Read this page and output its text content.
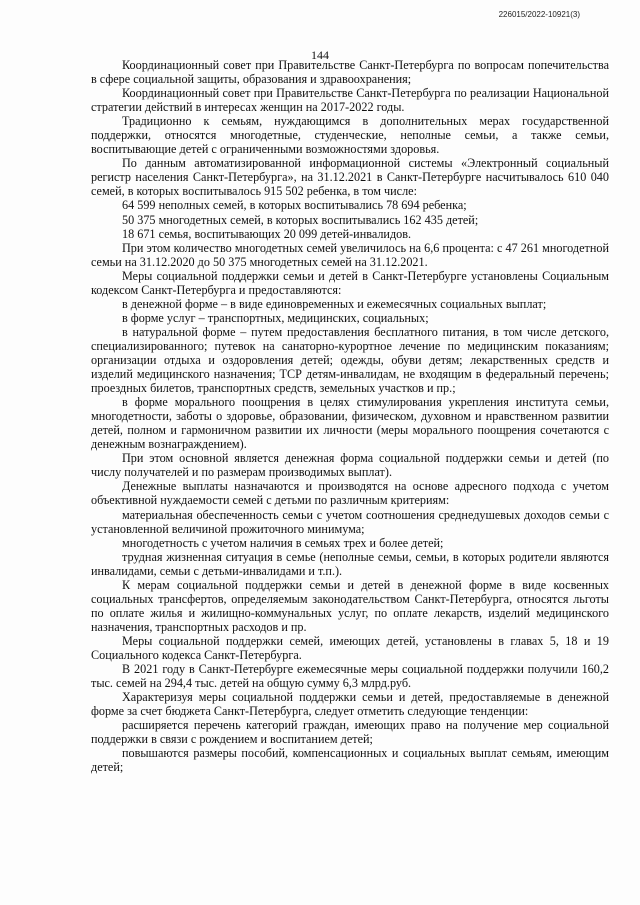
226015/2022-10921(3)
144

Координационный совет при Правительстве Санкт-Петербурга по вопросам попечительства в сфере социальной защиты, образования и здравоохранения;

Координационный совет при Правительстве Санкт-Петербурга по реализации Национальной стратегии действий в интересах женщин на 2017-2022 годы.

Традиционно к семьям, нуждающимся в дополнительных мерах государственной поддержки, относятся многодетные, студенческие, неполные семьи, а также семьи, воспитывающие детей с ограниченными возможностями здоровья.

По данным автоматизированной информационной системы «Электронный социальный регистр населения Санкт-Петербурга», на 31.12.2021 в Санкт-Петербурге насчитывалось 610 040 семей, в которых воспитывалось 915 502 ребенка, в том числе:

64 599 неполных семей, в которых воспитывались 78 694 ребенка;

50 375 многодетных семей, в которых воспитывались 162 435 детей;

18 671 семья, воспитывающих 20 099 детей-инвалидов.

При этом количество многодетных семей увеличилось на 6,6 процента: с 47 261 многодетной семьи на 31.12.2020 до 50 375 многодетных семей на 31.12.2021.

Меры социальной поддержки семьи и детей в Санкт-Петербурге установлены Социальным кодексом Санкт-Петербурга и предоставляются:

в денежной форме – в виде единовременных и ежемесячных социальных выплат;

в форме услуг – транспортных, медицинских, социальных;

в натуральной форме – путем предоставления бесплатного питания, в том числе детского, специализированного; путевок на санаторно-курортное лечение по медицинским показаниям; организации отдыха и оздоровления детей; одежды, обуви детям; лекарственных средств и изделий медицинского назначения; ТСР детям-инвалидам, не входящим в федеральный перечень; проездных билетов, транспортных средств, земельных участков и пр.;

в форме морального поощрения в целях стимулирования укрепления института семьи, многодетности, заботы о здоровье, образовании, физическом, духовном и нравственном развитии детей, полном и гармоничном развитии их личности (меры морального поощрения сочетаются с денежным вознаграждением).

При этом основной является денежная форма социальной поддержки семьи и детей (по числу получателей и по размерам производимых выплат).

Денежные выплаты назначаются и производятся на основе адресного подхода с учетом объективной нуждаемости семей с детьми по различным критериям:

материальная обеспеченность семьи с учетом соотношения среднедушевых доходов семьи с установленной величиной прожиточного минимума;

многодетность с учетом наличия в семьях трех и более детей;

трудная жизненная ситуация в семье (неполные семьи, семьи, в которых родители являются инвалидами, семьи с детьми-инвалидами и т.п.).

К мерам социальной поддержки семьи и детей в денежной форме в виде косвенных социальных трансфертов, определяемым законодательством Санкт-Петербурга, относятся льготы по оплате жилья и жилищно-коммунальных услуг, по оплате лекарств, изделий медицинского назначения, транспортных расходов и пр.

Меры социальной поддержки семей, имеющих детей, установлены в главах 5, 18 и 19 Социального кодекса Санкт-Петербурга.

В 2021 году в Санкт-Петербурге ежемесячные меры социальной поддержки получили 160,2 тыс. семей на 294,4 тыс. детей на общую сумму 6,3 млрд.руб.

Характеризуя меры социальной поддержки семьи и детей, предоставляемые в денежной форме за счет бюджета Санкт-Петербурга, следует отметить следующие тенденции:

расширяется перечень категорий граждан, имеющих право на получение мер социальной поддержки в связи с рождением и воспитанием детей;

повышаются размеры пособий, компенсационных и социальных выплат семьям, имеющим детей;
